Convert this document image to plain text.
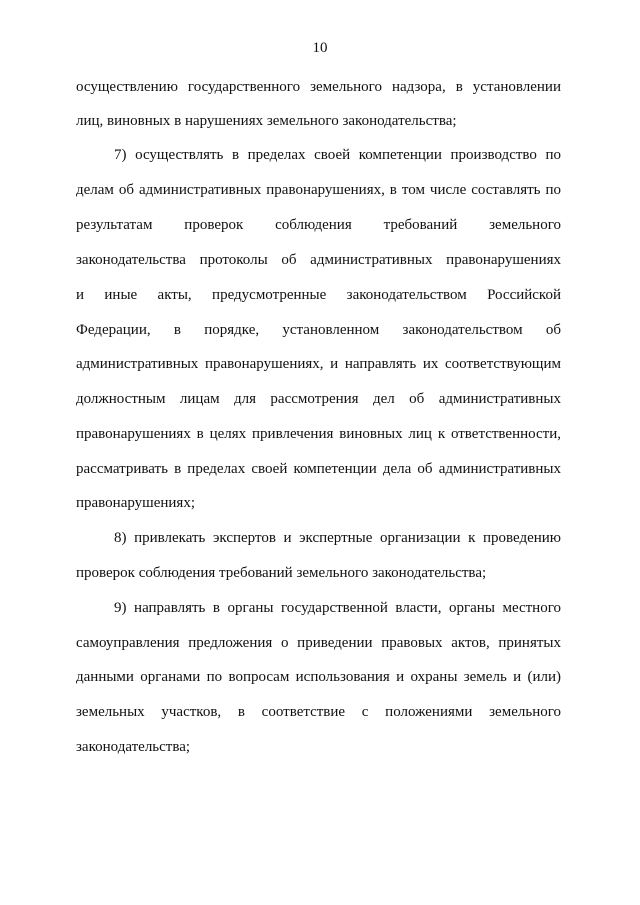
10
осуществлению государственного земельного надзора, в установлении
лиц, виновных в нарушениях земельного законодательства;
7) осуществлять в пределах своей компетенции производство по
делам об административных правонарушениях, в том числе составлять по
результатам проверок соблюдения требований земельного
законодательства протоколы об административных правонарушениях
и иные акты, предусмотренные законодательством Российской
Федерации, в порядке, установленном законодательством об
административных правонарушениях, и направлять их соответствующим
должностным лицам для рассмотрения дел об административных
правонарушениях в целях привлечения виновных лиц к ответственности,
рассматривать в пределах своей компетенции дела об административных
правонарушениях;
8) привлекать экспертов и экспертные организации к проведению
проверок соблюдения требований земельного законодательства;
9) направлять в органы государственной власти, органы местного
самоуправления предложения о приведении правовых актов, принятых
данными органами по вопросам использования и охраны земель и (или)
земельных участков, в соответствие с положениями земельного
законодательства;
